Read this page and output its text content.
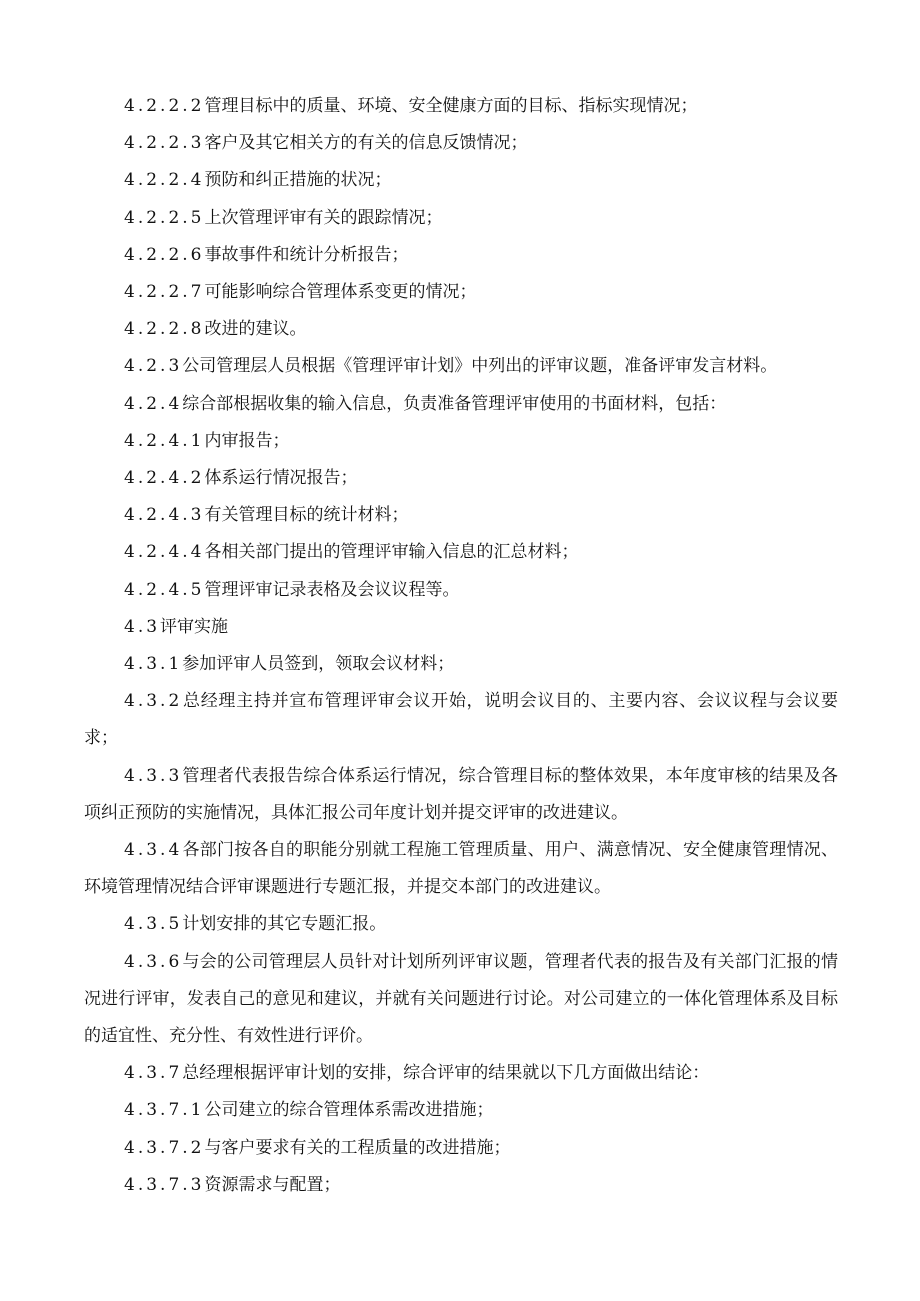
4.2.2.2管理目标中的质量、环境、安全健康方面的目标、指标实现情况；

4.2.2.3客户及其它相关方的有关的信息反馈情况；

4.2.2.4预防和纠正措施的状况；

4.2.2.5上次管理评审有关的跟踪情况；

4.2.2.6事故事件和统计分析报告；

4.2.2.7可能影响综合管理体系变更的情况；

4.2.2.8改进的建议。

4.2.3公司管理层人员根据《管理评审计划》中列出的评审议题，准备评审发言材料。

4.2.4综合部根据收集的输入信息，负责准备管理评审使用的书面材料，包括：

4.2.4.1内审报告；

4.2.4.2体系运行情况报告；

4.2.4.3有关管理目标的统计材料；

4.2.4.4各相关部门提出的管理评审输入信息的汇总材料；

4.2.4.5管理评审记录表格及会议议程等。

4.3评审实施

4.3.1参加评审人员签到，领取会议材料；

4.3.2总经理主持并宣布管理评审会议开始，说明会议目的、主要内容、会议议程与会议要求；

4.3.3管理者代表报告综合体系运行情况，综合管理目标的整体效果，本年度审核的结果及各项纠正预防的实施情况，具体汇报公司年度计划并提交评审的改进建议。

4.3.4各部门按各自的职能分别就工程施工管理质量、用户、满意情况、安全健康管理情况、环境管理情况结合评审课题进行专题汇报，并提交本部门的改进建议。

4.3.5计划安排的其它专题汇报。

4.3.6与会的公司管理层人员针对计划所列评审议题，管理者代表的报告及有关部门汇报的情况进行评审，发表自己的意见和建议，并就有关问题进行讨论。对公司建立的一体化管理体系及目标的适宜性、充分性、有效性进行评价。

4.3.7总经理根据评审计划的安排，综合评审的结果就以下几方面做出结论：

4.3.7.1公司建立的综合管理体系需改进措施；

4.3.7.2与客户要求有关的工程质量的改进措施；

4.3.7.3资源需求与配置；
